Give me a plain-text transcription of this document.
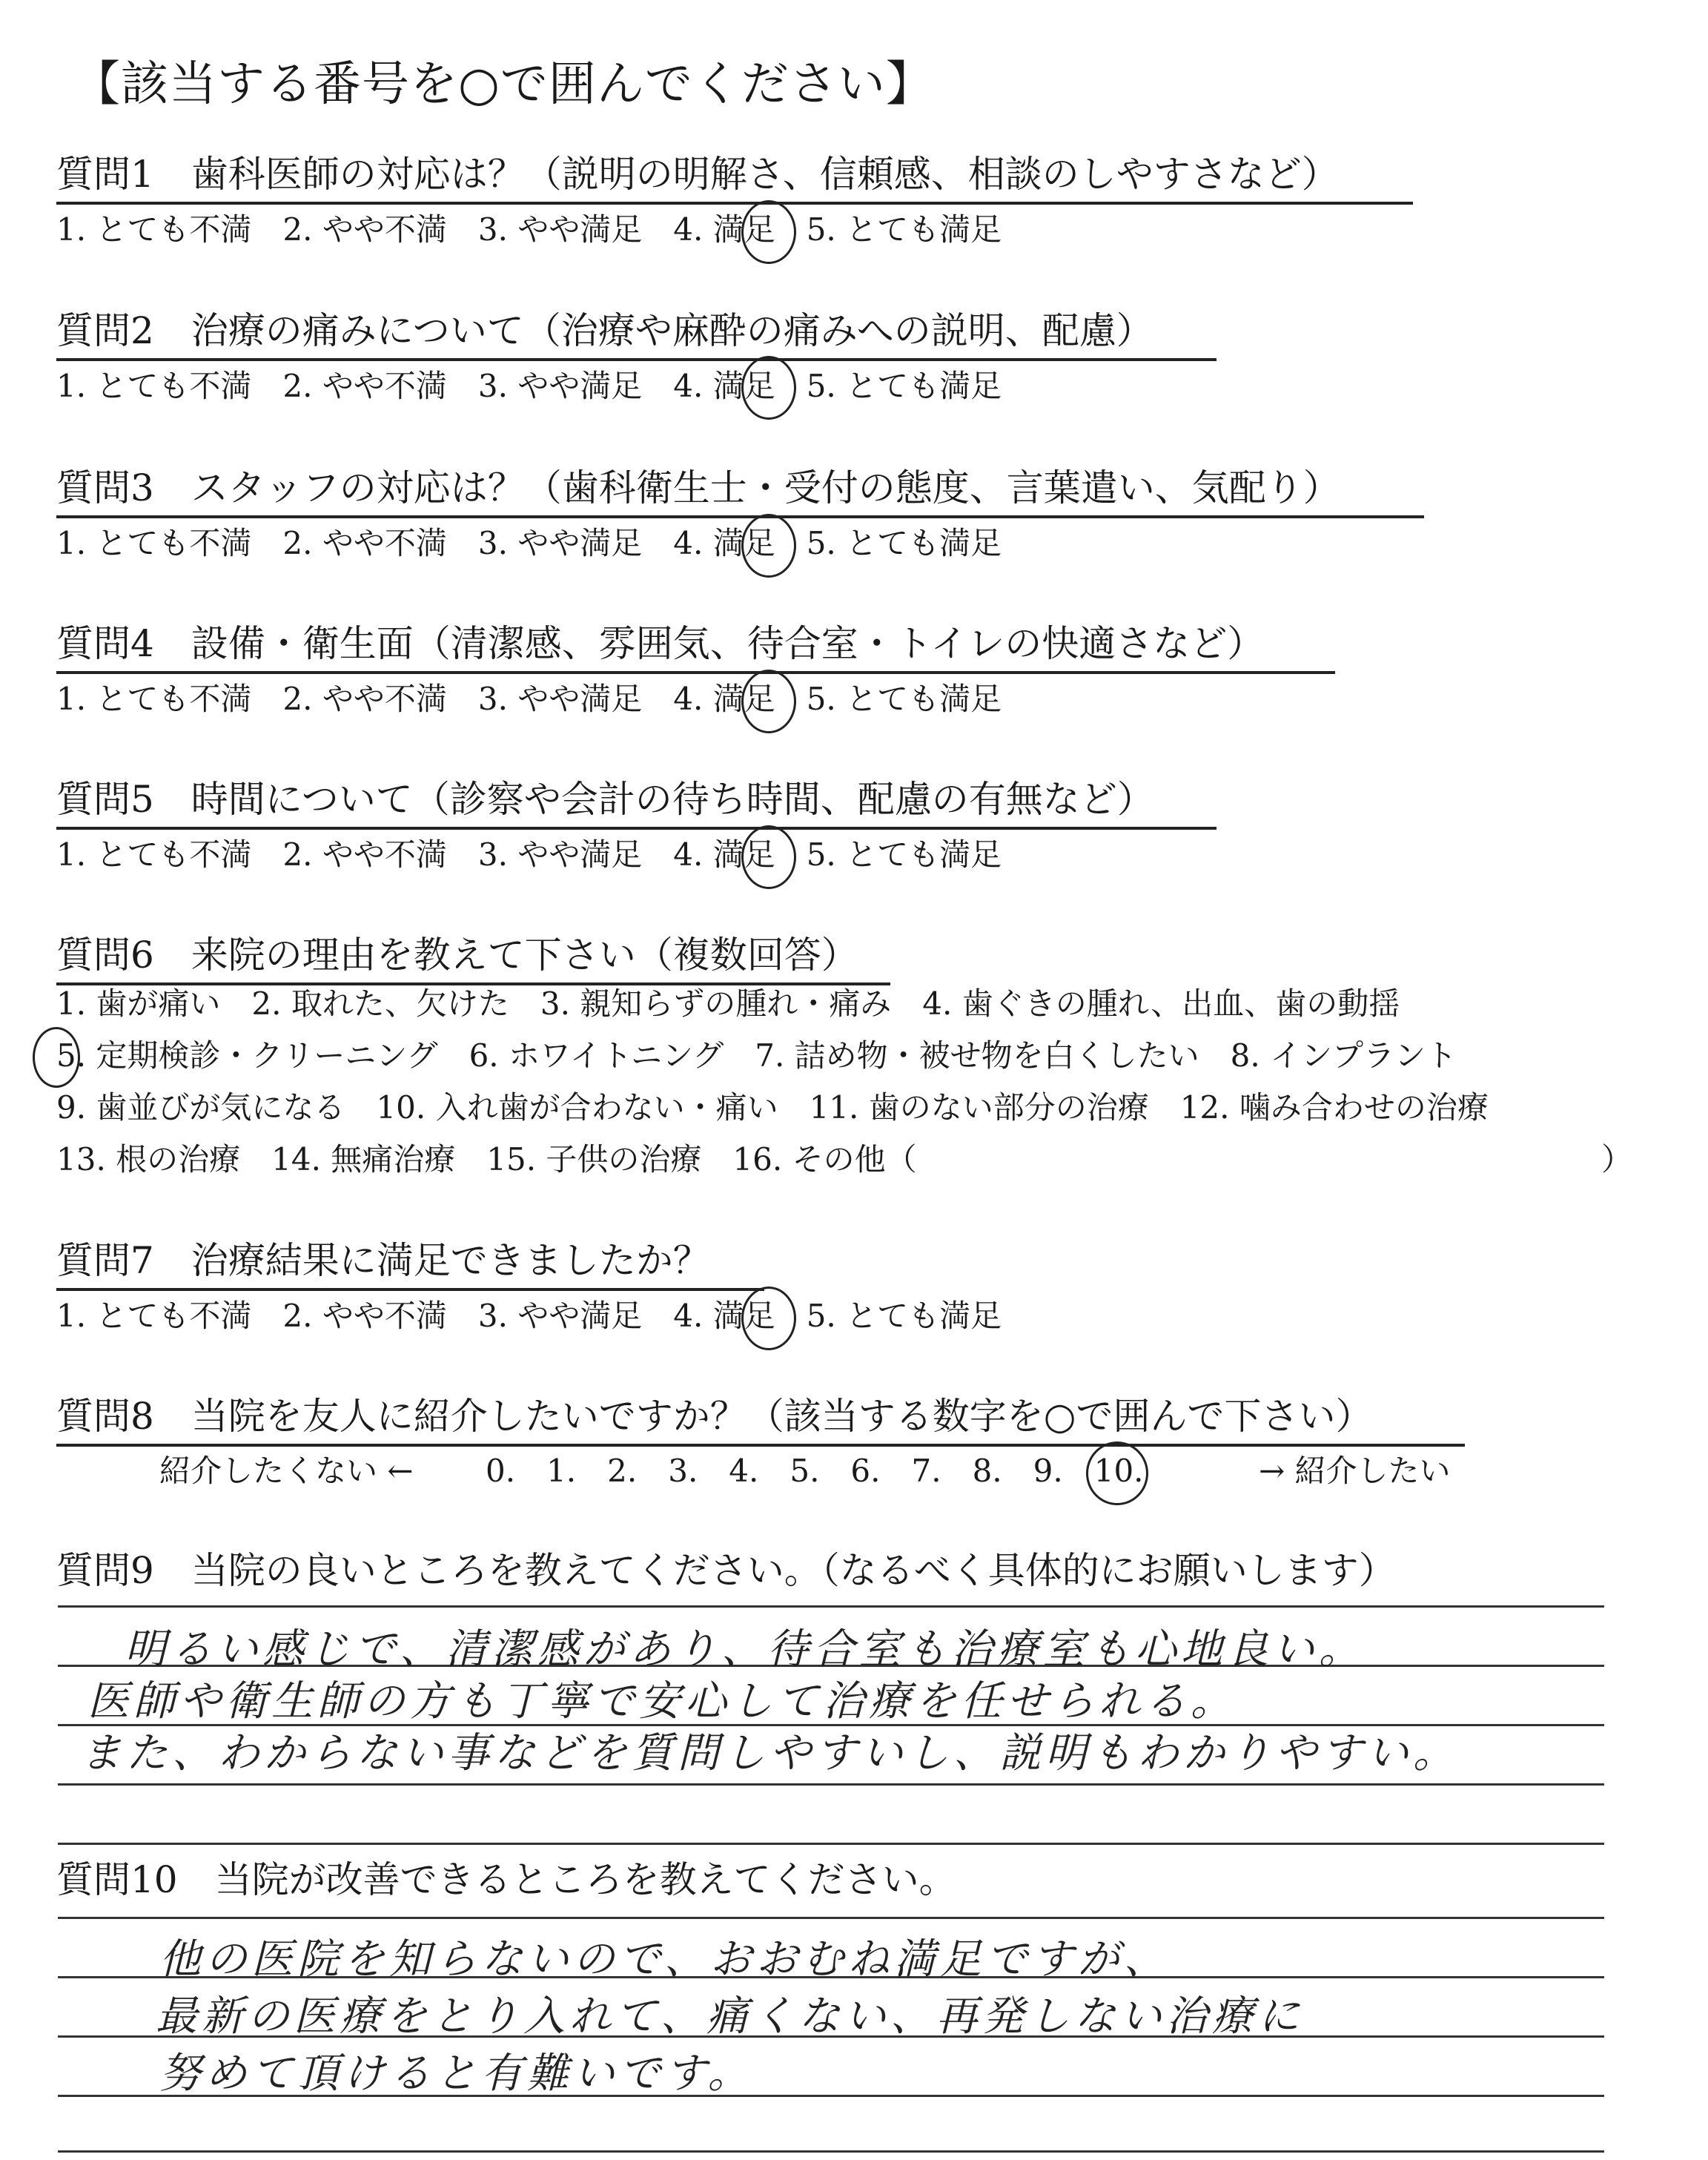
【該当する番号を○で囲んでください】
質問1　歯科医師の対応は？（説明の明解さ、信頼感、相談のしやすさなど）
1. とても不満　2. やや不満　3. やや満足　4. 満足　5. とても満足
質問2　治療の痛みについて（治療や麻酔の痛みへの説明、配慮）
1. とても不満　2. やや不満　3. やや満足　4. 満足　5. とても満足
質問3　スタッフの対応は？（歯科衛生士・受付の態度、言葉遣い、気配り）
1. とても不満　2. やや不満　3. やや満足　4. 満足　5. とても満足
質問4　設備・衛生面（清潔感、雰囲気、待合室・トイレの快適さなど）
1. とても不満　2. やや不満　3. やや満足　4. 満足　5. とても満足
質問5　時間について（診察や会計の待ち時間、配慮の有無など）
1. とても不満　2. やや不満　3. やや満足　4. 満足　5. とても満足
質問6　来院の理由を教えて下さい（複数回答）
1. 歯が痛い　2. 取れた、欠けた　3. 親知らずの腫れ・痛み　4. 歯ぐきの腫れ、出血、歯の動揺
5. 定期検診・クリーニング　6. ホワイトニング　7. 詰め物・被せ物を白くしたい　8. インプラント
9. 歯並びが気になる　10. 入れ歯が合わない・痛い　11. 歯のない部分の治療　12. 噛み合わせの治療
13. 根の治療　14. 無痛治療　15. 子供の治療　16. その他（	）
質問7　治療結果に満足できましたか？
1. とても不満　2. やや不満　3. やや満足　4. 満足　5. とても満足
質問8　当院を友人に紹介したいですか？（該当する数字を○で囲んで下さい）
紹介したくない ← 0.　1.　2.　3.　4.　5.　6.　7.　8.　9.　10.	→ 紹介したい
質問9　当院の良いところを教えてください。（なるべく具体的にお願いします）
明るい感じで、清潔感があり、待合室も治療室も心地良い。
医師や衛生師の方も丁寧で安心して治療を任せられる。
また、わからない事などを質問しやすいし、説明もわかりやすい。
質問10　当院が改善できるところを教えてください。
他の医院を知らないので、おおむね満足ですが、
最新の医療をとり入れて、痛くない、再発しない治療に
努めて頂けると有難いです。
